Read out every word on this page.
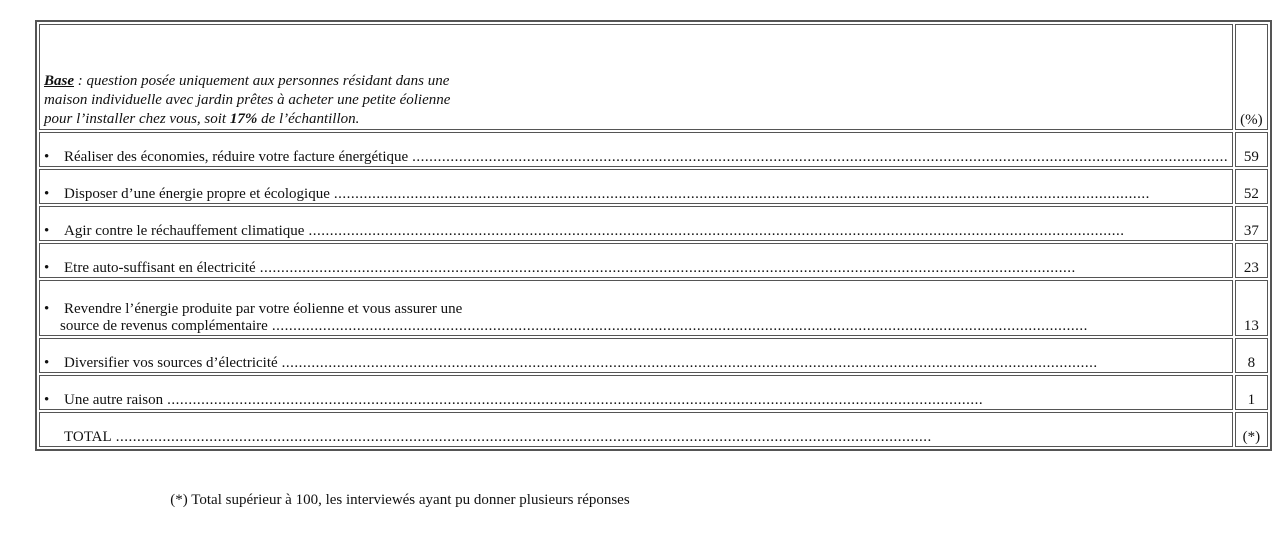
Base : question posée uniquement aux personnes résidant dans une
maison individuelle avec jardin prêtes à acheter une petite éolienne
pour l’installer chez vous, soit 17% de l’échantillon.	(%)

• Réaliser des économies, réduire votre facture énergétique
.....	59

• Disposer d’une énergie propre et écologique
.....	52

• Agir contre le réchauffement climatique
.....	37

• Etre auto-suffisant en électricité
.....	23

• Revendre l’énergie produite par votre éolienne et vous assurer une
source de revenus complémentaire
.....	13

• Diversifier vos sources d’électricité
.....	8

• Une autre raison
.....	1

TOTAL
.....	(*)
(*) Total supérieur à 100, les interviewés ayant pu donner plusieurs réponses
